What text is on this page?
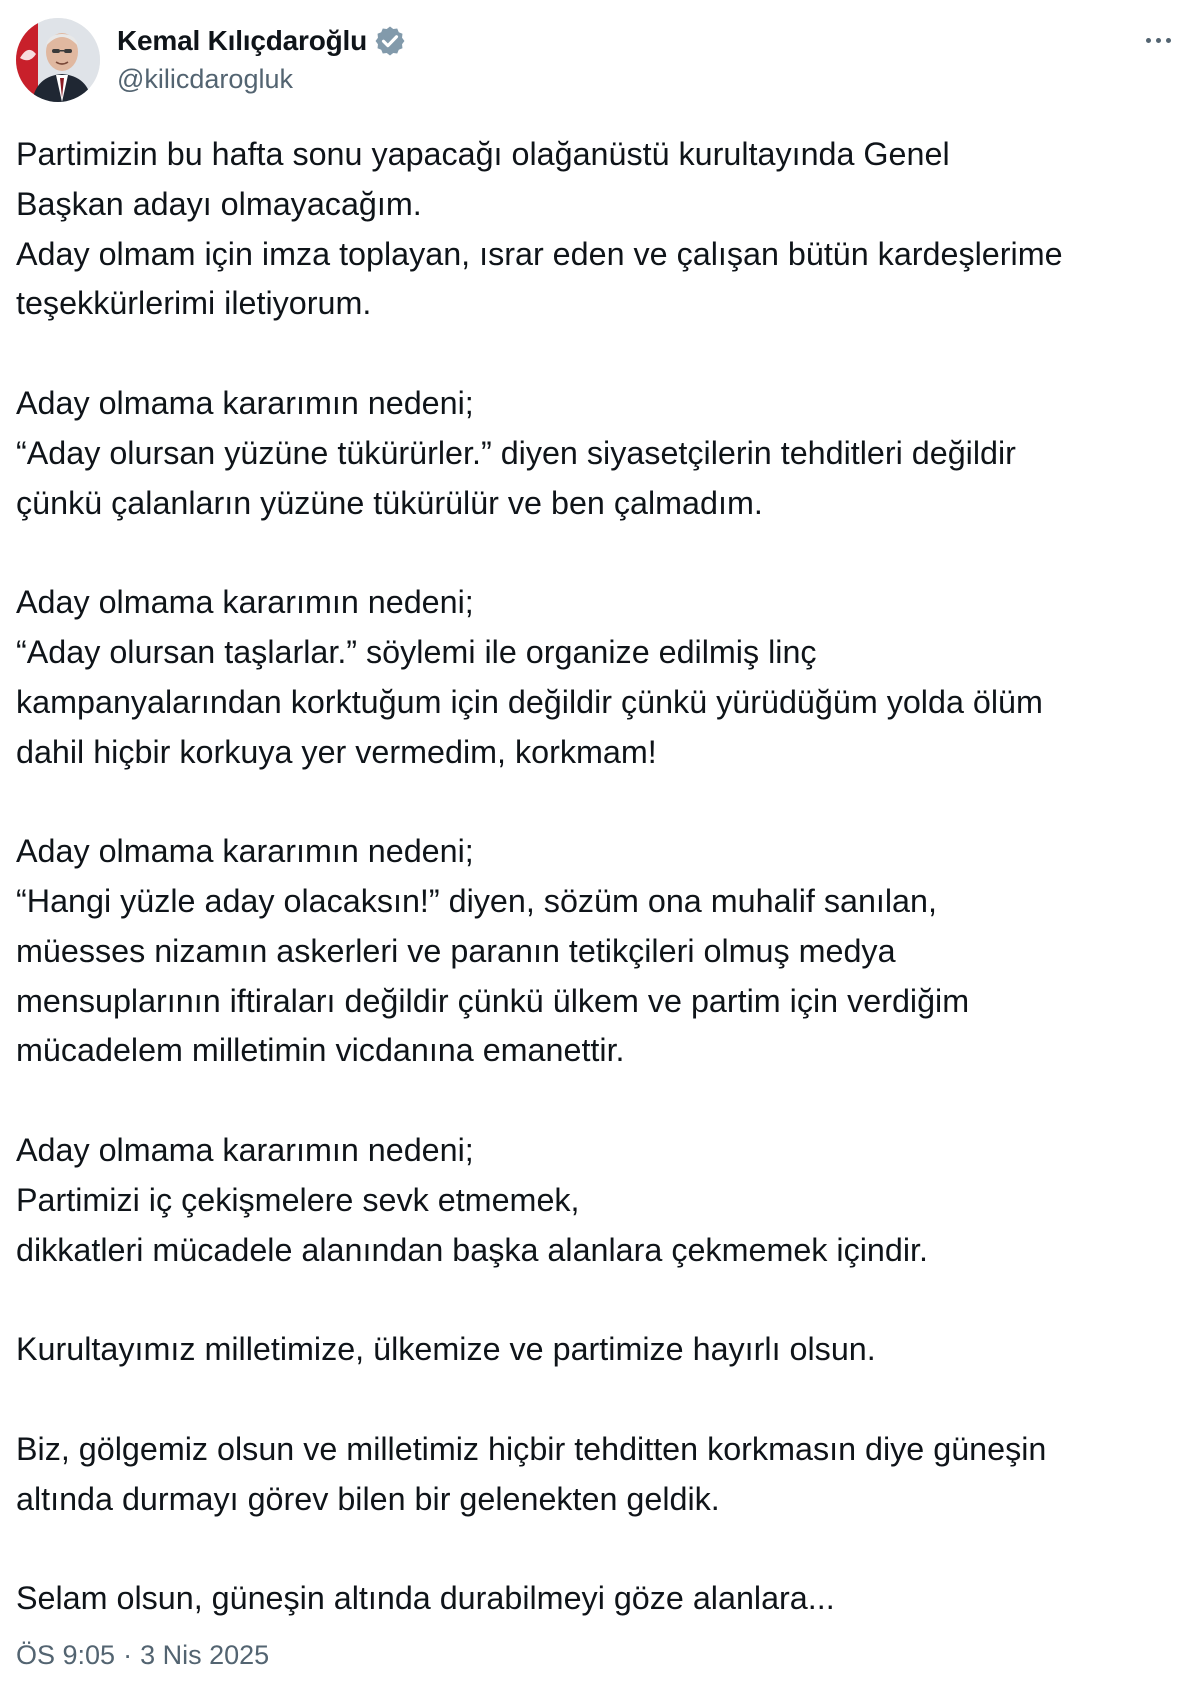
Kemal Kılıçdaroğlu
@kilicdarogluk
Partimizin bu hafta sonu yapacağı olağanüstü kurultayında Genel
Başkan adayı olmayacağım.
Aday olmam için imza toplayan, ısrar eden ve çalışan bütün kardeşlerime
teşekkürlerimi iletiyorum.
Aday olmama kararımın nedeni;
“Aday olursan yüzüne tükürürler.” diyen siyasetçilerin tehditleri değildir
çünkü çalanların yüzüne tükürülür ve ben çalmadım.
Aday olmama kararımın nedeni;
“Aday olursan taşlarlar.” söylemi ile organize edilmiş linç
kampanyalarından korktuğum için değildir çünkü yürüdüğüm yolda ölüm
dahil hiçbir korkuya yer vermedim, korkmam!
Aday olmama kararımın nedeni;
“Hangi yüzle aday olacaksın!” diyen, sözüm ona muhalif sanılan,
müesses nizamın askerleri ve paranın tetikçileri olmuş medya
mensuplarının iftiraları değildir çünkü ülkem ve partim için verdiğim
mücadelem milletimin vicdanına emanettir.
Aday olmama kararımın nedeni;
Partimizi iç çekişmelere sevk etmemek,
dikkatleri mücadele alanından başka alanlara çekmemek içindir.
Kurultayımız milletimize, ülkemize ve partimize hayırlı olsun.
Biz, gölgemiz olsun ve milletimiz hiçbir tehditten korkmasın diye güneşin
altında durmayı görev bilen bir gelenekten geldik.
Selam olsun, güneşin altında durabilmeyi göze alanlara...
ÖS 9:05 · 3 Nis 2025
